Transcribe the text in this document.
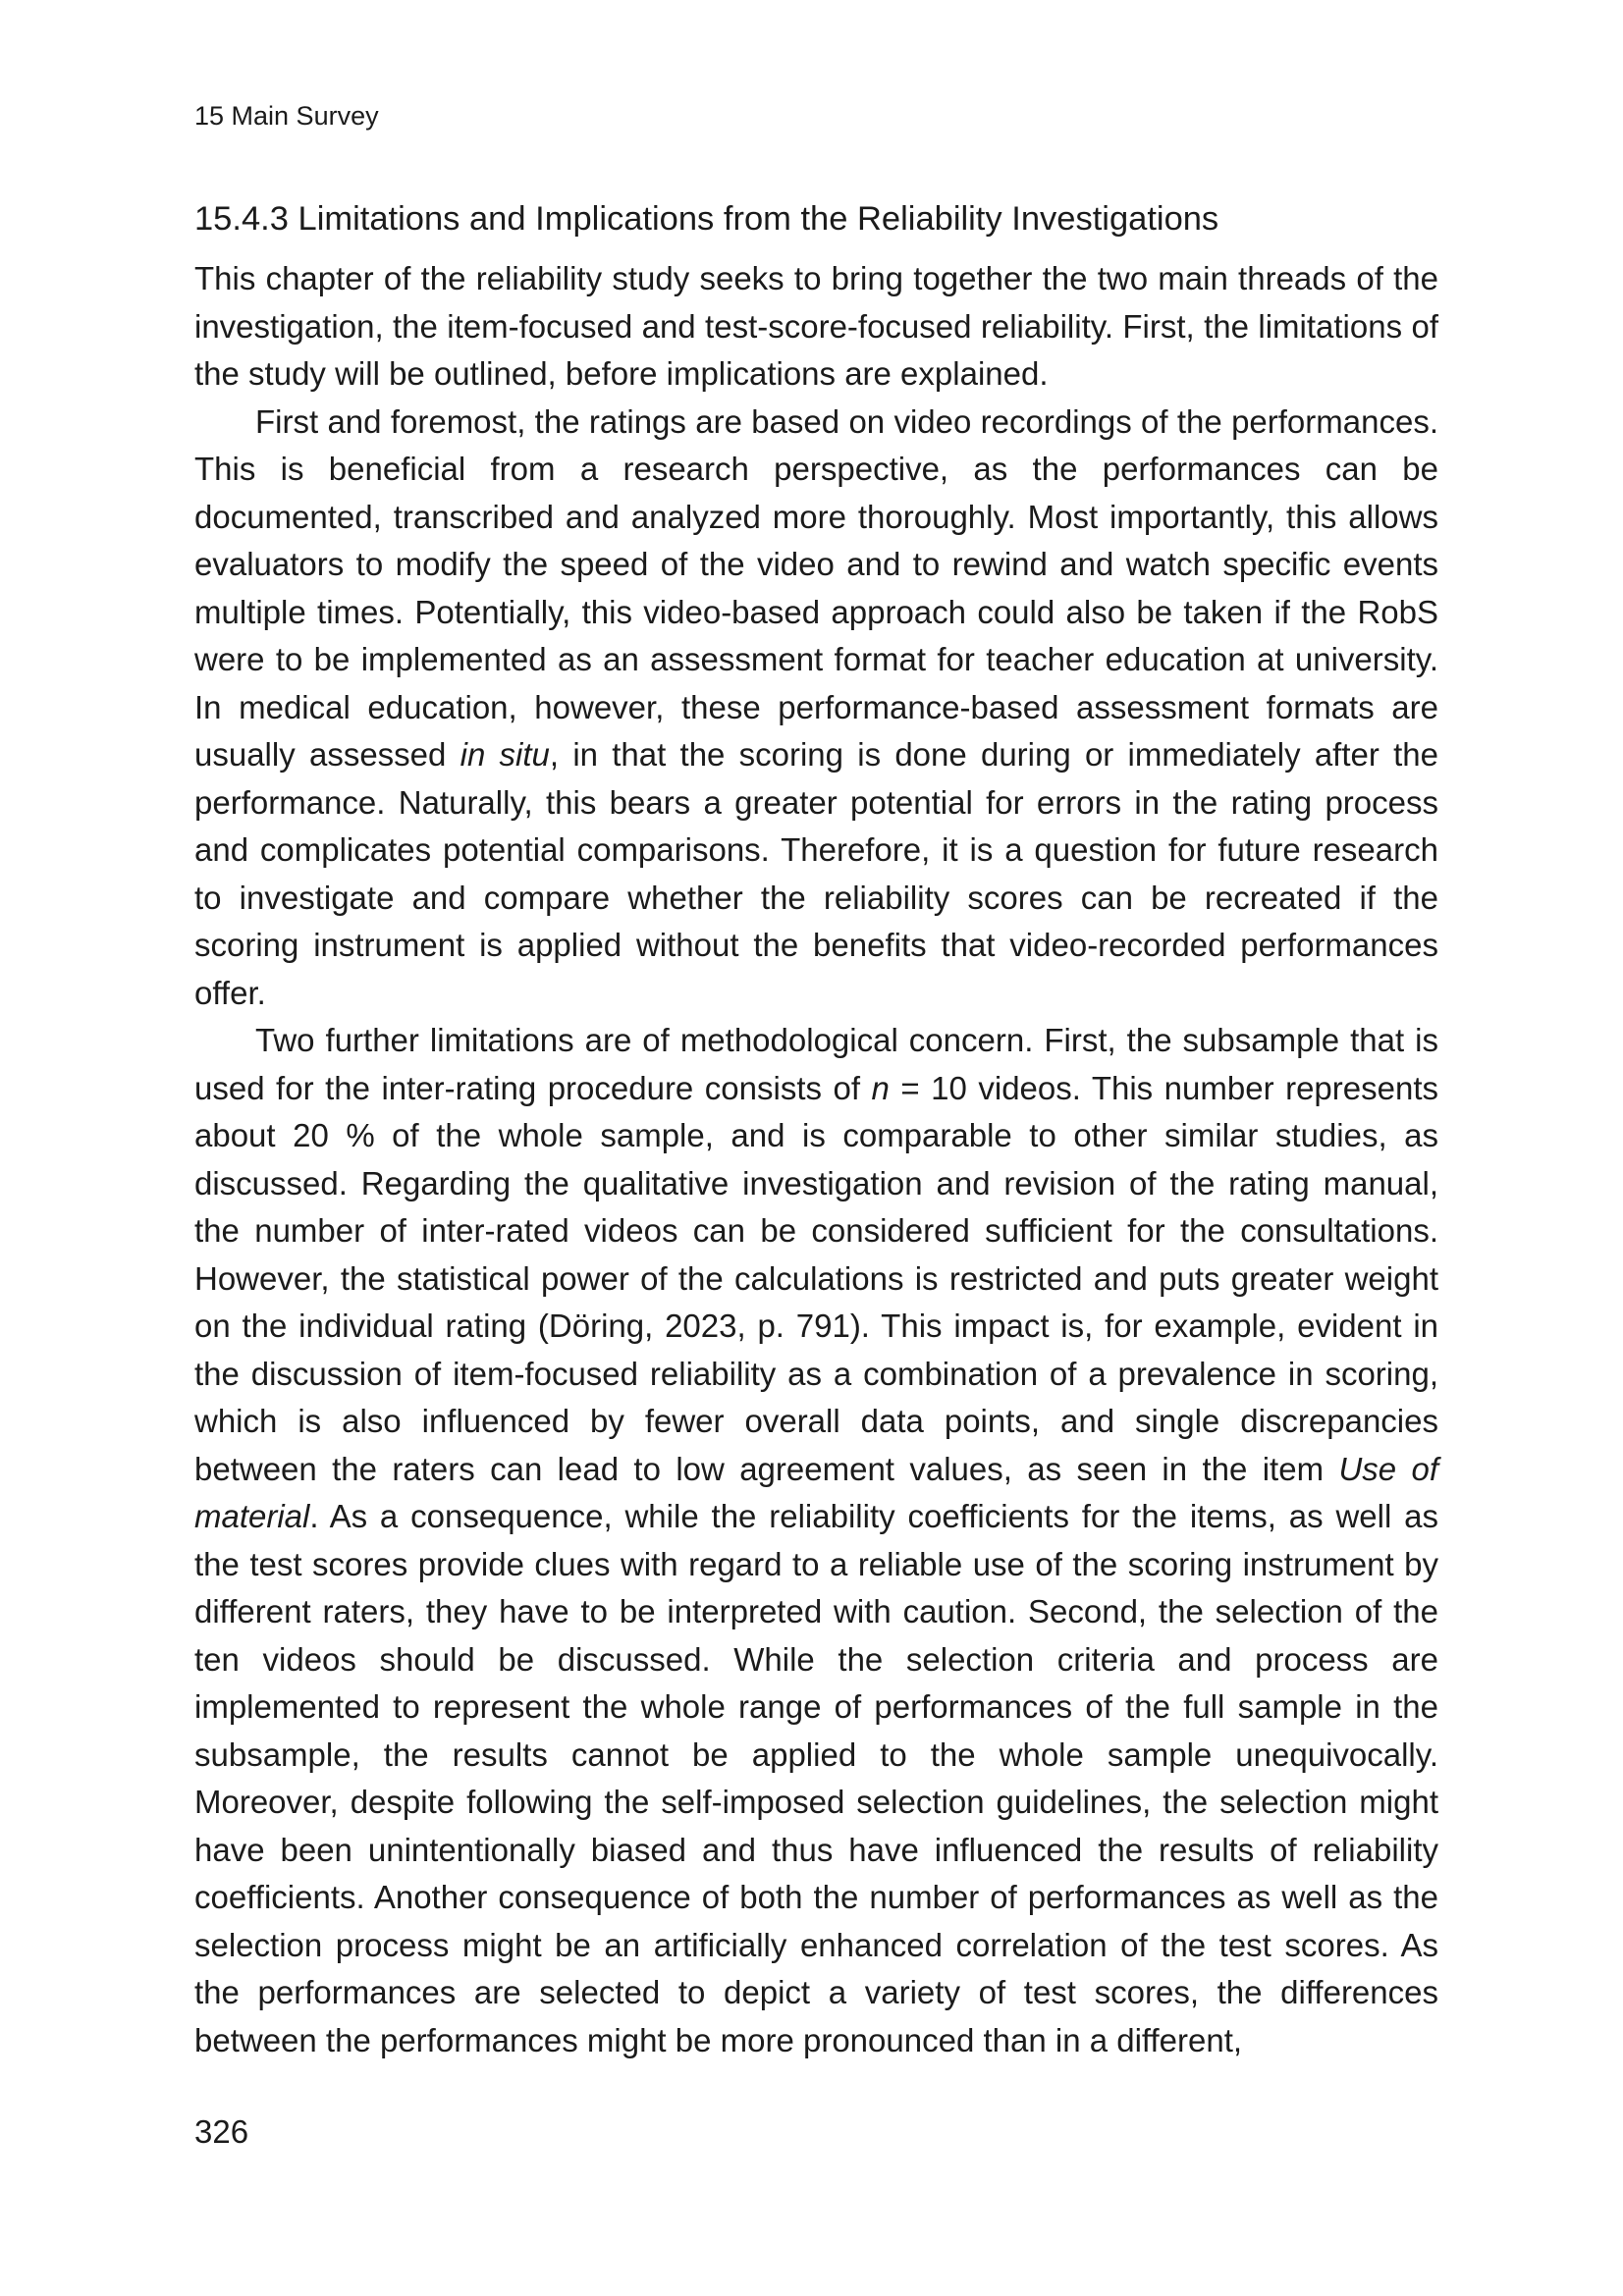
15 Main Survey
15.4.3 Limitations and Implications from the Reliability Investigations

This chapter of the reliability study seeks to bring together the two main threads of the investigation, the item-focused and test-score-focused reliability. First, the limitations of the study will be outlined, before implications are explained.

First and foremost, the ratings are based on video recordings of the performances. This is beneficial from a research perspective, as the performances can be documented, transcribed and analyzed more thoroughly. Most importantly, this allows evaluators to modify the speed of the video and to rewind and watch specific events multiple times. Potentially, this video-based approach could also be taken if the RobS were to be implemented as an assessment format for teacher education at university. In medical education, however, these performance-based assessment formats are usually assessed in situ, in that the scoring is done during or immediately after the performance. Naturally, this bears a greater potential for errors in the rating process and complicates potential comparisons. Therefore, it is a question for future research to investigate and compare whether the reliability scores can be recreated if the scoring instrument is applied without the benefits that video-recorded performances offer.

Two further limitations are of methodological concern. First, the subsample that is used for the inter-rating procedure consists of n = 10 videos. This number represents about 20 % of the whole sample, and is comparable to other similar studies, as discussed. Regarding the qualitative investigation and revision of the rating manual, the number of inter-rated videos can be considered sufficient for the consultations. However, the statistical power of the calculations is restricted and puts greater weight on the individual rating (Döring, 2023, p. 791). This impact is, for example, evident in the discussion of item-focused reliability as a combination of a prevalence in scoring, which is also influenced by fewer overall data points, and single discrepancies between the raters can lead to low agreement values, as seen in the item Use of material. As a consequence, while the reliability coefficients for the items, as well as the test scores provide clues with regard to a reliable use of the scoring instrument by different raters, they have to be interpreted with caution. Second, the selection of the ten videos should be discussed. While the selection criteria and process are implemented to represent the whole range of performances of the full sample in the subsample, the results cannot be applied to the whole sample unequivocally. Moreover, despite following the self-imposed selection guidelines, the selection might have been unintentionally biased and thus have influenced the results of reliability coefficients. Another consequence of both the number of performances as well as the selection process might be an artificially enhanced correlation of the test scores. As the performances are selected to depict a variety of test scores, the differences between the performances might be more pronounced than in a different,

326
